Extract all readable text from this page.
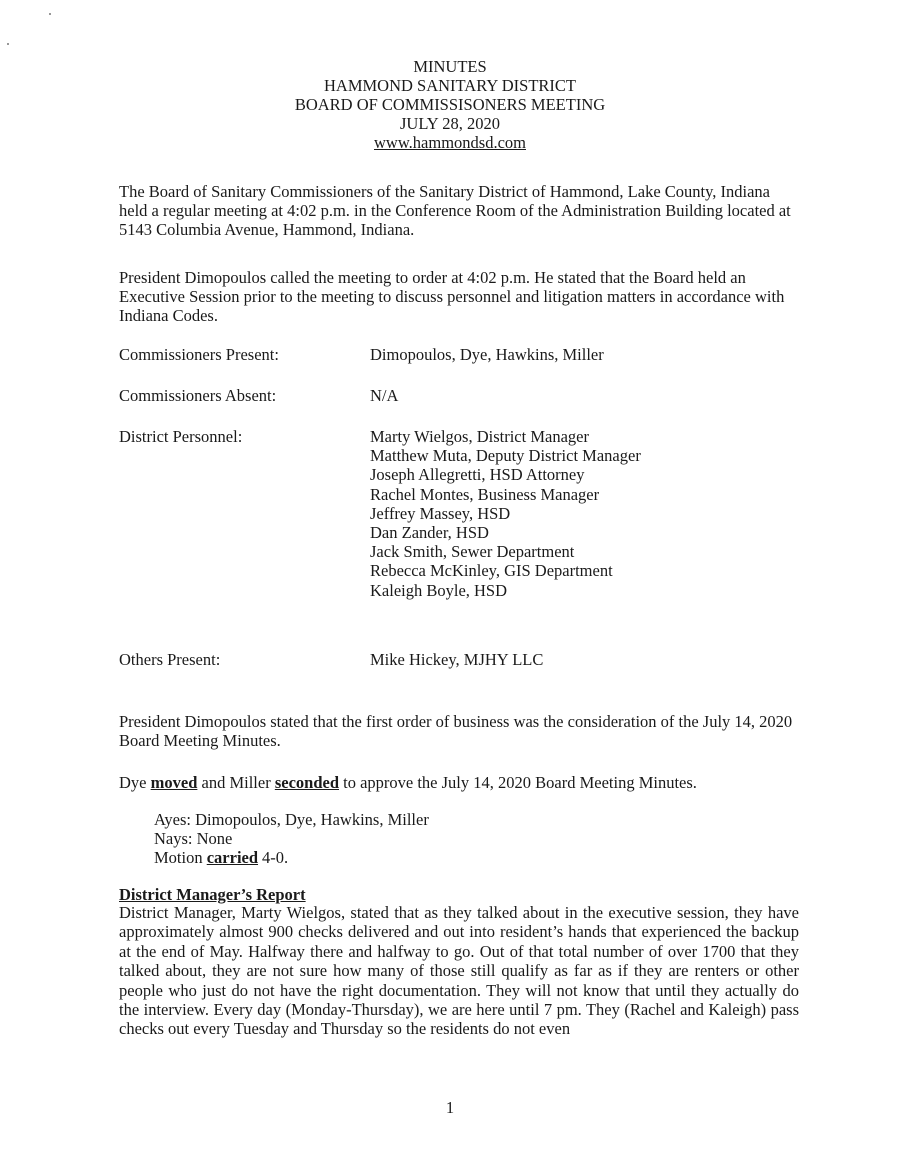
MINUTES
HAMMOND SANITARY DISTRICT
BOARD OF COMMISSISONERS MEETING
JULY 28, 2020
www.hammondsd.com
The Board of Sanitary Commissioners of the Sanitary District of Hammond, Lake County, Indiana held a regular meeting at 4:02 p.m. in the Conference Room of the Administration Building located at 5143 Columbia Avenue, Hammond, Indiana.
President Dimopoulos called the meeting to order at 4:02 p.m. He stated that the Board held an Executive Session prior to the meeting to discuss personnel and litigation matters in accordance with Indiana Codes.
Commissioners Present:	Dimopoulos, Dye, Hawkins, Miller
Commissioners Absent:	N/A
District Personnel:	Marty Wielgos, District Manager
Matthew Muta, Deputy District Manager
Joseph Allegretti, HSD Attorney
Rachel Montes, Business Manager
Jeffrey Massey, HSD
Dan Zander, HSD
Jack Smith, Sewer Department
Rebecca McKinley, GIS Department
Kaleigh Boyle, HSD
Others Present:	Mike Hickey, MJHY LLC
President Dimopoulos stated that the first order of business was the consideration of the July 14, 2020 Board Meeting Minutes.
Dye moved and Miller seconded to approve the July 14, 2020 Board Meeting Minutes.
Ayes: Dimopoulos, Dye, Hawkins, Miller
Nays: None
Motion carried 4-0.
District Manager’s Report
District Manager, Marty Wielgos, stated that as they talked about in the executive session, they have approximately almost 900 checks delivered and out into resident’s hands that experienced the backup at the end of May. Halfway there and halfway to go. Out of that total number of over 1700 that they talked about, they are not sure how many of those still qualify as far as if they are renters or other people who just do not have the right documentation. They will not know that until they actually do the interview. Every day (Monday-Thursday), we are here until 7 pm. They (Rachel and Kaleigh) pass checks out every Tuesday and Thursday so the residents do not even
1
